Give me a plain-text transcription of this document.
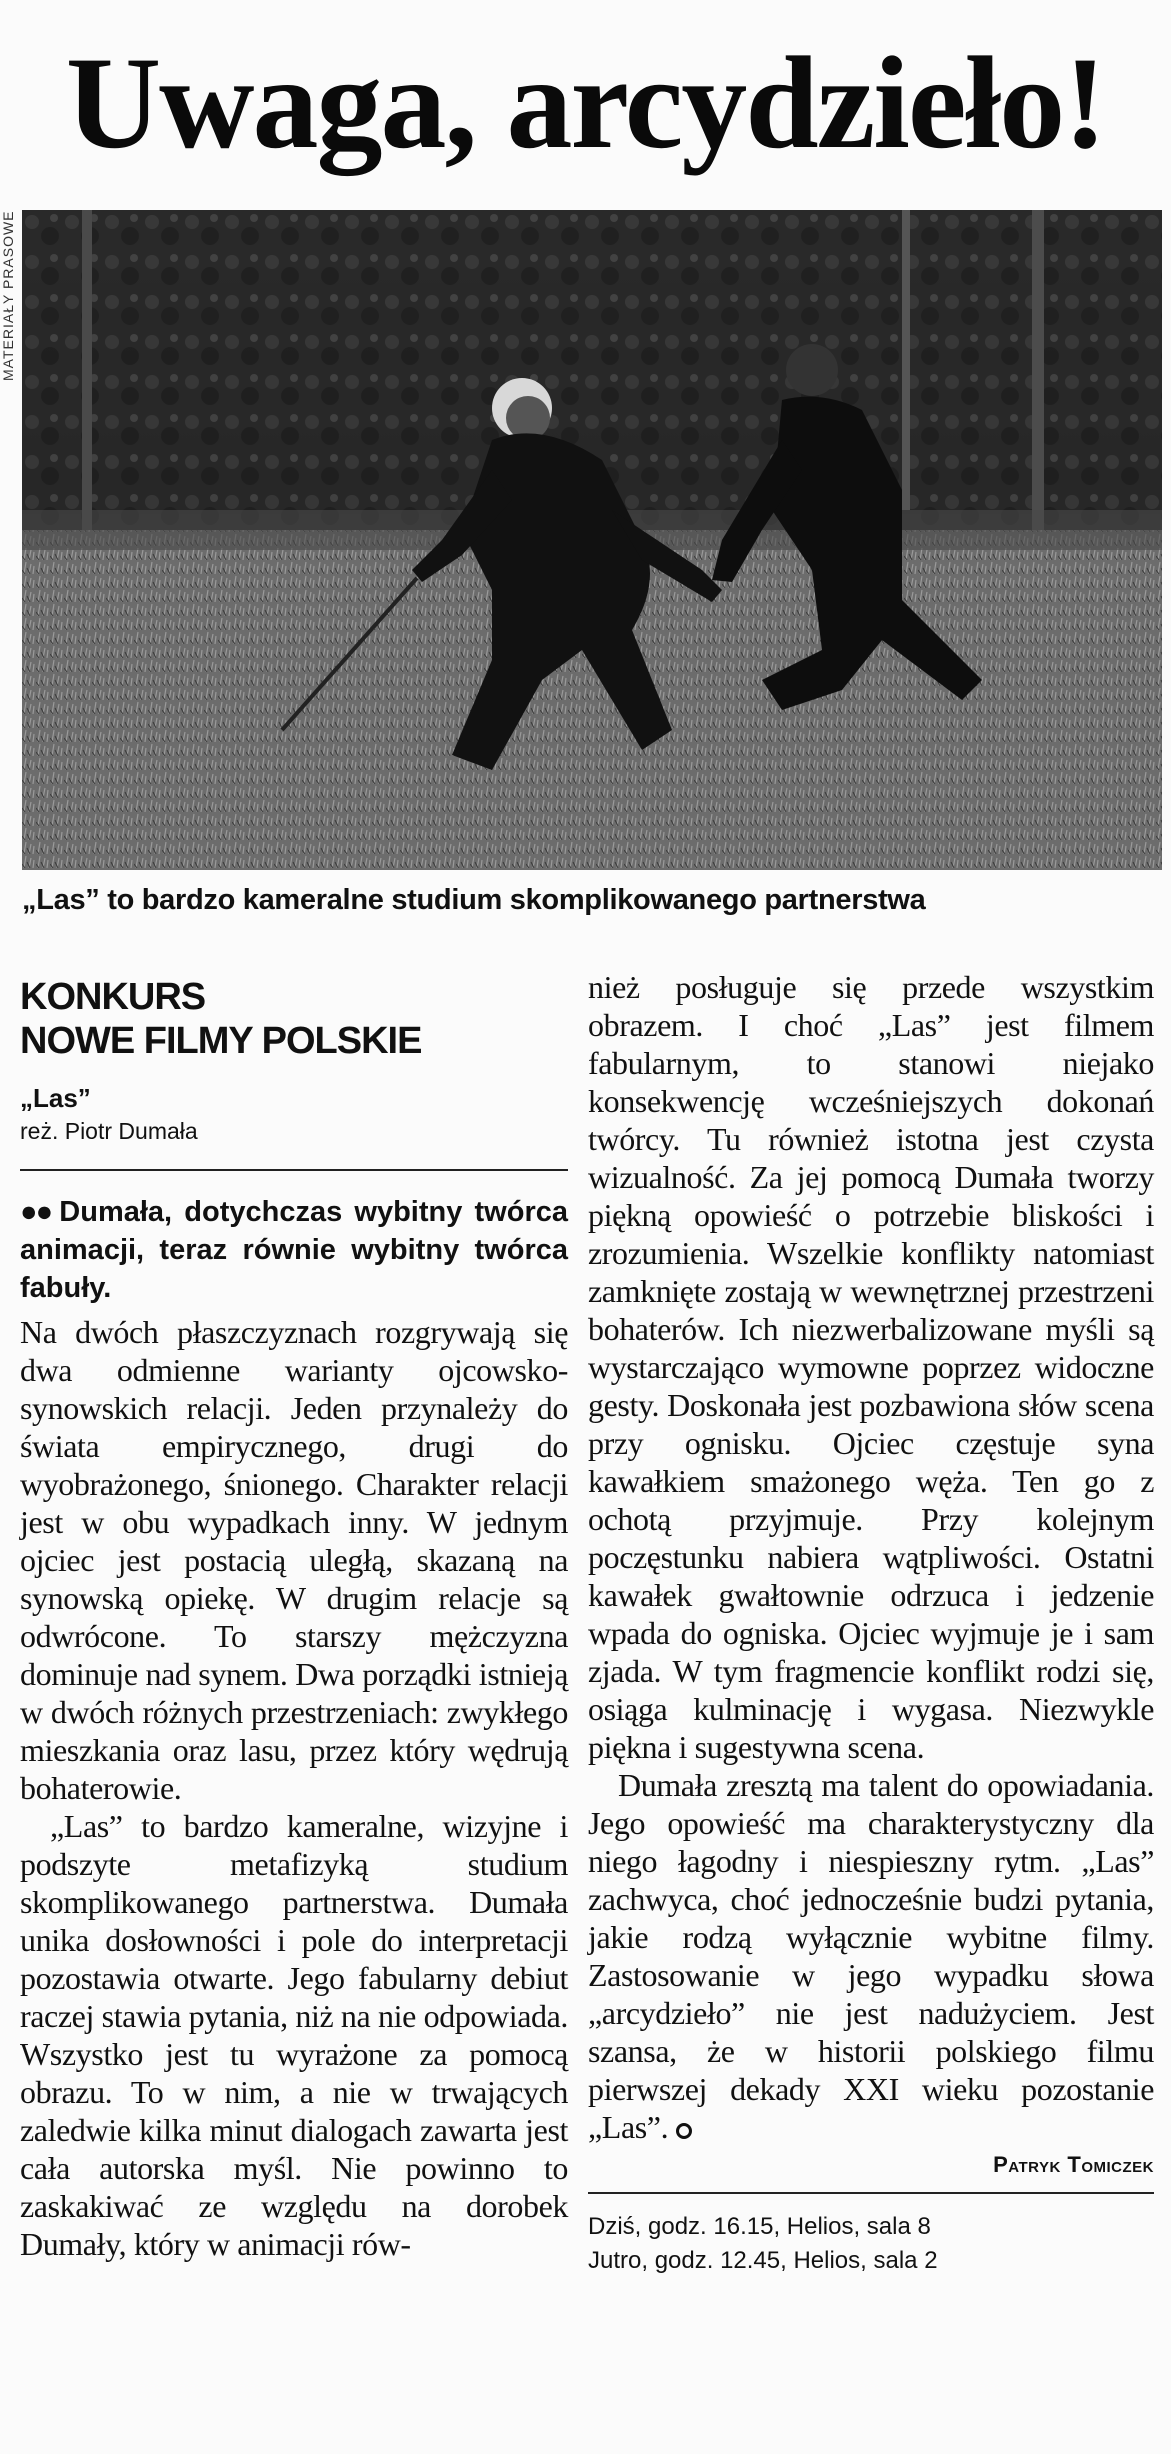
Uwaga, arcydzieło!
MATERIAŁY PRASOWE
„Las” to bardzo kameralne studium skomplikowanego partnerstwa
KONKURS
NOWE FILMY POLSKIE

„Las”

reż. Piotr Dumała

●● Dumała, dotychczas wybitny twórca animacji, teraz równie wybitny twórca fabuły.

Na dwóch płaszczyznach rozgrywają się dwa odmienne warianty ojcowsko-synowskich relacji. Jeden przynależy do świata empirycznego, drugi do wyobrażonego, śnionego. Charakter relacji jest w obu wypadkach inny. W jednym ojciec jest postacią uległą, skazaną na synowską opiekę. W drugim relacje są odwrócone. To starszy mężczyzna dominuje nad synem. Dwa porządki istnieją w dwóch różnych przestrzeniach: zwykłego mieszkania oraz lasu, przez który wędrują bohaterowie.

„Las” to bardzo kameralne, wizyjne i podszyte metafizyką studium skomplikowanego partnerstwa. Dumała unika dosłowności i pole do interpretacji pozostawia otwarte. Jego fabularny debiut raczej stawia pytania, niż na nie odpowiada. Wszystko jest tu wyrażone za pomocą obrazu. To w nim, a nie w trwających zaledwie kilka minut dialogach zawarta jest cała autorska myśl. Nie powinno to zaskakiwać ze względu na dorobek Dumały, który w animacji rów-

nież posługuje się przede wszystkim obrazem. I choć „Las” jest filmem fabularnym, to stanowi niejako konsekwencję wcześniejszych dokonań twórcy. Tu również istotna jest czysta wizualność. Za jej pomocą Dumała tworzy piękną opowieść o potrzebie bliskości i zrozumienia. Wszelkie konflikty natomiast zamknięte zostają w wewnętrznej przestrzeni bohaterów. Ich niezwerbalizowane myśli są wystarczająco wymowne poprzez widoczne gesty. Doskonała jest pozbawiona słów scena przy ognisku. Ojciec częstuje syna kawałkiem smażonego węża. Ten go z ochotą przyjmuje. Przy kolejnym poczęstunku nabiera wątpliwości. Ostatni kawałek gwałtownie odrzuca i jedzenie wpada do ogniska. Ojciec wyjmuje je i sam zjada. W tym fragmencie konflikt rodzi się, osiąga kulminację i wygasa. Niezwykle piękna i sugestywna scena.

Dumała zresztą ma talent do opowiadania. Jego opowieść ma charakterystyczny dla niego łagodny i niespieszny rytm. „Las” zachwyca, choć jednocześnie budzi pytania, jakie rodzą wyłącznie wybitne filmy. Zastosowanie w jego wypadku słowa „arcydzieło” nie jest nadużyciem. Jest szansa, że w historii polskiego filmu pierwszej dekady XXI wieku pozostanie „Las”.

Patryk Tomiczek

Dziś, godz. 16.15, Helios, sala 8

Jutro, godz. 12.45, Helios, sala 2
